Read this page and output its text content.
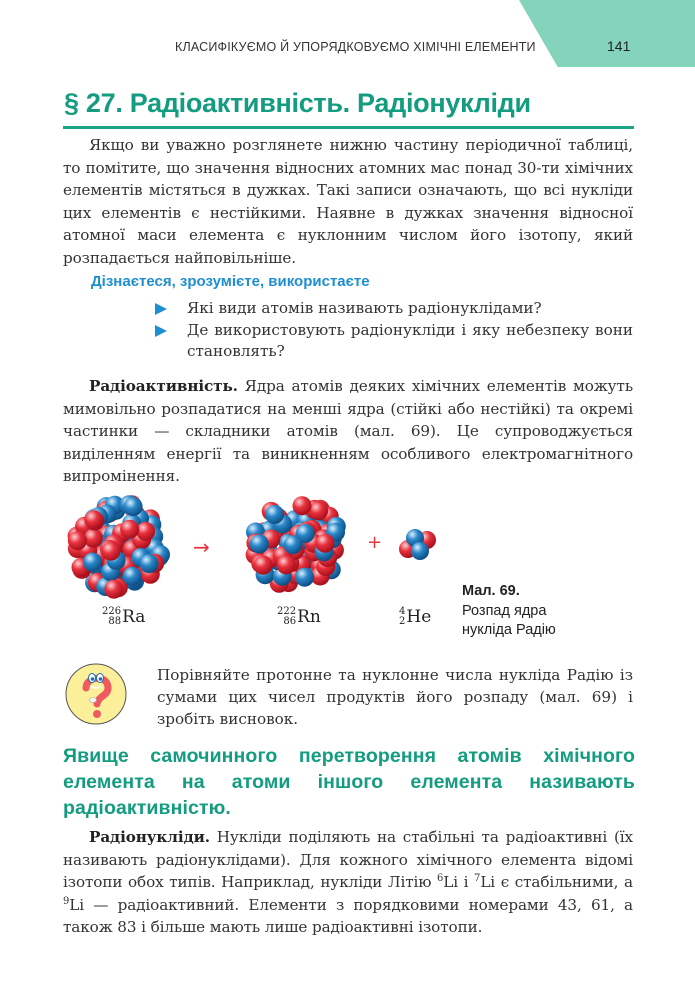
КЛАСИФІКУЄМО Й УПОРЯДКОВУЄМО ХІМІЧНІ ЕЛЕМЕНТИ	141
§ 27. Радіоактивність. Радіонукліди

Якщо ви уважно розглянете нижню частину періодичної таблиці, то помітите, що значення відносних атомних мас понад 30-ти хімічних елементів містяться в дужках. Такі записи означають, що всі нукліди цих елементів є нестійкими. Наявне в дужках значення відносної атомної маси елемента є нуклонним числом його ізотопу, який розпадається найповільніше.

Дізнаєтеся, зрозумієте, використаєте
Які види атомів називають радіонуклідами?
Де використовують радіонукліди і яку небезпеку вони становлять?

Радіоактивність. Ядра атомів деяких хімічних елементів можуть мимовільно розпадатися на менші ядра (стійкі або нестійкі) та окремі частинки — складники атомів (мал. 69). Це супроводжується виділенням енергії та виникненням особливого електромагнітного випромінення.

→	+
226
88 Ra	222
86 Rn	4
2 He
Мал. 69.
Розпад ядра
нукліда Радію

Порівняйте протонне та нуклонне числа нукліда Радію із сумами цих чисел продуктів його розпаду (мал. 69) і зробіть висновок.

Явище самочинного перетворення атомів хімічного елемента на атоми іншого елемента називають радіоактивністю.

Радіонукліди. Нукліди поділяють на стабільні та радіоактивні (їх називають радіонуклідами). Для кожного хімічного елемента відомі ізотопи обох типів. Наприклад, нукліди Літію $^6$Li і $^7$Li є стабільними, а $^9$Li — радіоактивний. Елементи з порядковими номерами 43, 61, а також 83 і більше мають лише радіоактивні ізотопи.
